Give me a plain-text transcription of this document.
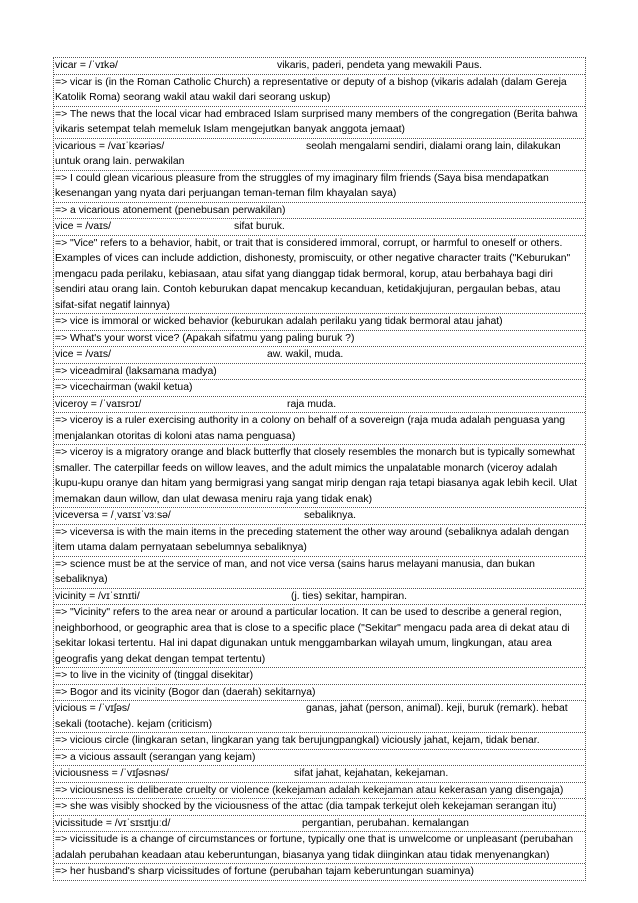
vicar = /ˈvɪkə/	vikaris, paderi, pendeta yang mewakili Paus.
=> vicar is (in the Roman Catholic Church) a representative or deputy of a bishop (vikaris adalah (dalam Gereja Katolik Roma) seorang wakil atau wakil dari seorang uskup)
=> The news that the local vicar had embraced Islam surprised many members of the congregation (Berita bahwa vikaris setempat telah memeluk Islam mengejutkan banyak anggota jemaat)
vicarious = /vaɪˈkɛəriəs/	seolah mengalami sendiri, dialami orang lain, dilakukan
untuk orang lain. perwakilan
=> I could glean vicarious pleasure from the struggles of my imaginary film friends (Saya bisa mendapatkan kesenangan yang nyata dari perjuangan teman-teman film khayalan saya)
=> a vicarious atonement (penebusan perwakilan)
vice = /vaɪs/	sifat buruk.
=> "Vice" refers to a behavior, habit, or trait that is considered immoral, corrupt, or harmful to oneself or others. Examples of vices can include addiction, dishonesty, promiscuity, or other negative character traits ("Keburukan" mengacu pada perilaku, kebiasaan, atau sifat yang dianggap tidak bermoral, korup, atau berbahaya bagi diri sendiri atau orang lain. Contoh keburukan dapat mencakup kecanduan, ketidakjujuran, pergaulan bebas, atau sifat-sifat negatif lainnya)
=> vice is immoral or wicked behavior (keburukan adalah perilaku yang tidak bermoral atau jahat)
=> What's your worst vice? (Apakah sifatmu yang paling buruk ?)
vice = /vaɪs/	aw. wakil, muda.
=> viceadmiral (laksamana madya)
=> vicechairman (wakil ketua)
viceroy = /ˈvaɪsrɔɪ/	raja muda.
=> viceroy is a ruler exercising authority in a colony on behalf of a sovereign (raja muda adalah penguasa yang menjalankan otoritas di koloni atas nama penguasa)
=> viceroy is a migratory orange and black butterfly that closely resembles the monarch but is typically somewhat smaller. The caterpillar feeds on willow leaves, and the adult mimics the unpalatable monarch (viceroy adalah kupu-kupu oranye dan hitam yang bermigrasi yang sangat mirip dengan raja tetapi biasanya agak lebih kecil. Ulat memakan daun willow, dan ulat dewasa meniru raja yang tidak enak)
viceversa = /ˌvaɪsɪˈvɜːsə/	sebaliknya.
=> viceversa is with the main items in the preceding statement the other way around (sebaliknya adalah dengan item utama dalam pernyataan sebelumnya sebaliknya)
=> science must be at the service of man, and not vice versa (sains harus melayani manusia, dan bukan sebaliknya)
vicinity = /vɪˈsɪnɪti/	(j. ties) sekitar, hampiran.
=> "Vicinity" refers to the area near or around a particular location. It can be used to describe a general region, neighborhood, or geographic area that is close to a specific place ("Sekitar" mengacu pada area di dekat atau di sekitar lokasi tertentu. Hal ini dapat digunakan untuk menggambarkan wilayah umum, lingkungan, atau area geografis yang dekat dengan tempat tertentu)
=> to live in the vicinity of (tinggal disekitar)
=> Bogor and its vicinity (Bogor dan (daerah) sekitarnya)
vicious = /ˈvɪʃəs/	ganas, jahat (person, animal). keji, buruk (remark). hebat
sekali (tootache). kejam (criticism)
=> vicious circle (lingkaran setan, lingkaran yang tak berujungpangkal) viciously jahat, kejam, tidak benar.
=> a vicious assault (serangan yang kejam)
viciousness = /ˈvɪʃəsnəs/	sifat jahat, kejahatan, kekejaman.
=> viciousness is deliberate cruelty or violence (kekejaman adalah kekejaman atau kekerasan yang disengaja)
=> she was visibly shocked by the viciousness of the attac (dia tampak terkejut oleh kekejaman serangan itu)
vicissitude = /vɪˈsɪsɪtjuːd/	pergantian, perubahan. kemalangan
=> vicissitude is a change of circumstances or fortune, typically one that is unwelcome or unpleasant (perubahan adalah perubahan keadaan atau keberuntungan, biasanya yang tidak diinginkan atau tidak menyenangkan)
=> her husband's sharp vicissitudes of fortune (perubahan tajam keberuntungan suaminya)
